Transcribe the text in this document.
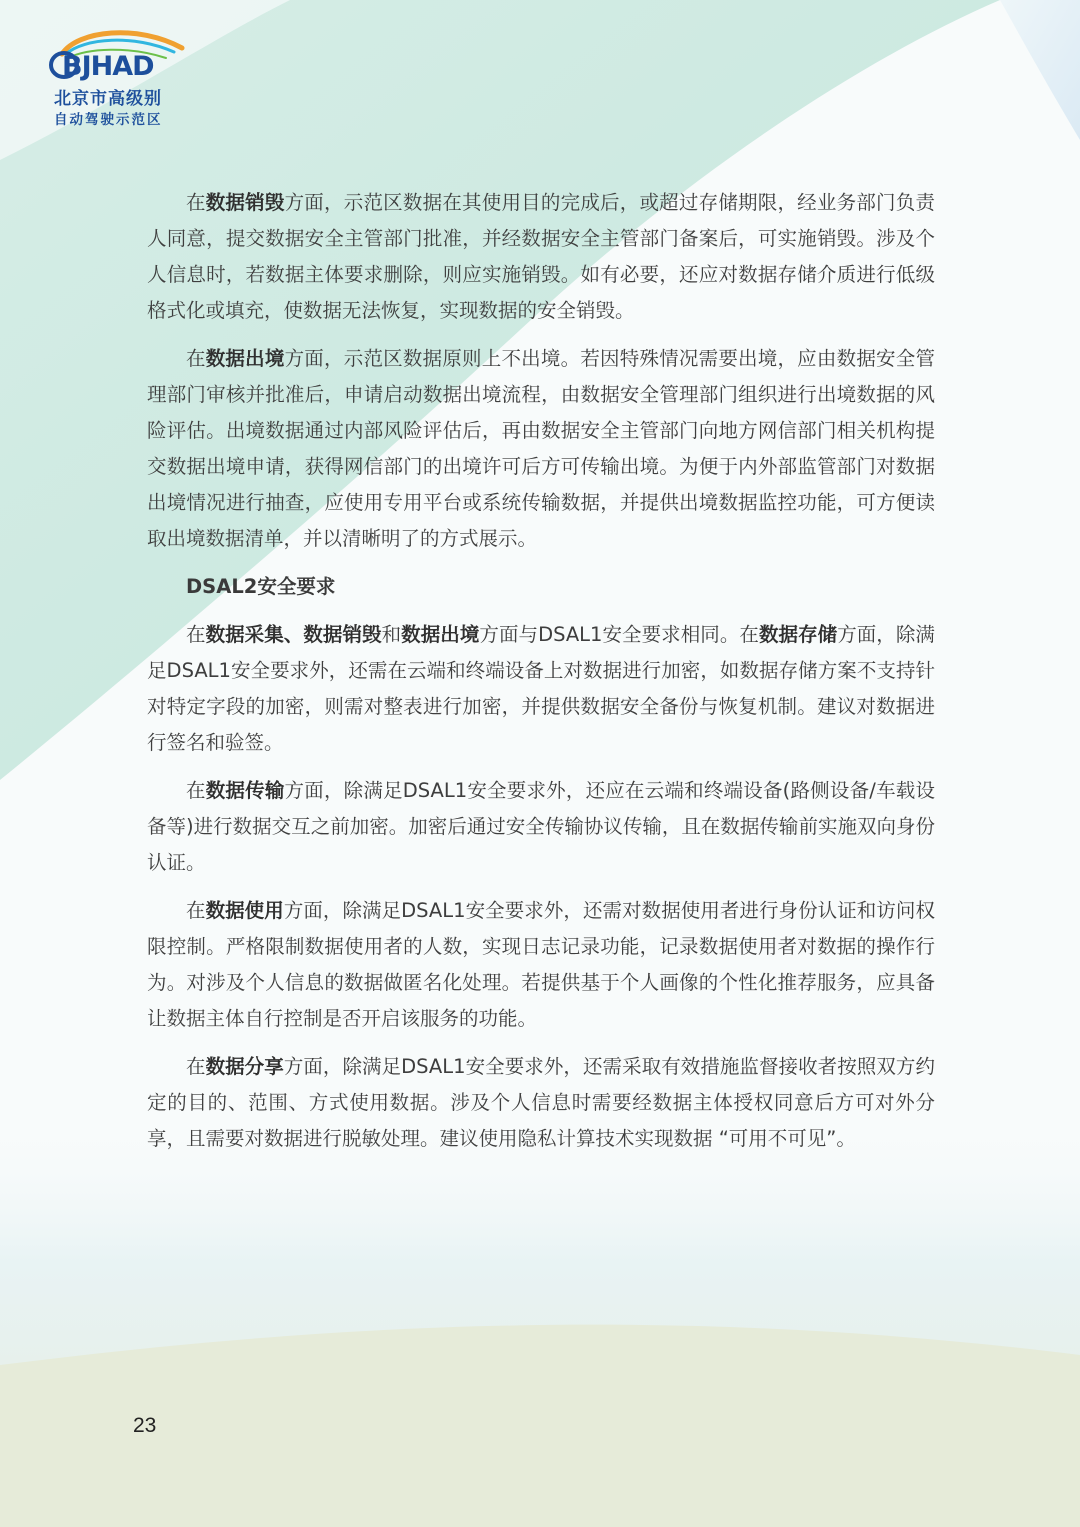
BJHAD
北京市高级别
自动驾驶示范区

在数据销毁方面，示范区数据在其使用目的完成后，或超过存储期限，经业务部门负责人同意，提交数据安全主管部门批准，并经数据安全主管部门备案后，可实施销毁。涉及个人信息时，若数据主体要求删除，则应实施销毁。如有必要，还应对数据存储介质进行低级格式化或填充，使数据无法恢复，实现数据的安全销毁。

在数据出境方面，示范区数据原则上不出境。若因特殊情况需要出境，应由数据安全管理部门审核并批准后，申请启动数据出境流程，由数据安全管理部门组织进行出境数据的风险评估。出境数据通过内部风险评估后，再由数据安全主管部门向地方网信部门相关机构提交数据出境申请，获得网信部门的出境许可后方可传输出境。为便于内外部监管部门对数据出境情况进行抽查，应使用专用平台或系统传输数据，并提供出境数据监控功能，可方便读取出境数据清单，并以清晰明了的方式展示。

DSAL2安全要求

在数据采集、数据销毁和数据出境方面与DSAL1安全要求相同。在数据存储方面，除满足DSAL1安全要求外，还需在云端和终端设备上对数据进行加密，如数据存储方案不支持针对特定字段的加密，则需对整表进行加密，并提供数据安全备份与恢复机制。建议对数据进行签名和验签。

在数据传输方面，除满足DSAL1安全要求外，还应在云端和终端设备(路侧设备/车载设备等)进行数据交互之前加密。加密后通过安全传输协议传输，且在数据传输前实施双向身份认证。

在数据使用方面，除满足DSAL1安全要求外，还需对数据使用者进行身份认证和访问权限控制。严格限制数据使用者的人数，实现日志记录功能，记录数据使用者对数据的操作行为。对涉及个人信息的数据做匿名化处理。若提供基于个人画像的个性化推荐服务，应具备让数据主体自行控制是否开启该服务的功能。

在数据分享方面，除满足DSAL1安全要求外，还需采取有效措施监督接收者按照双方约定的目的、范围、方式使用数据。涉及个人信息时需要经数据主体授权同意后方可对外分享，且需要对数据进行脱敏处理。建议使用隐私计算技术实现数据 “可用不可见”。

23
